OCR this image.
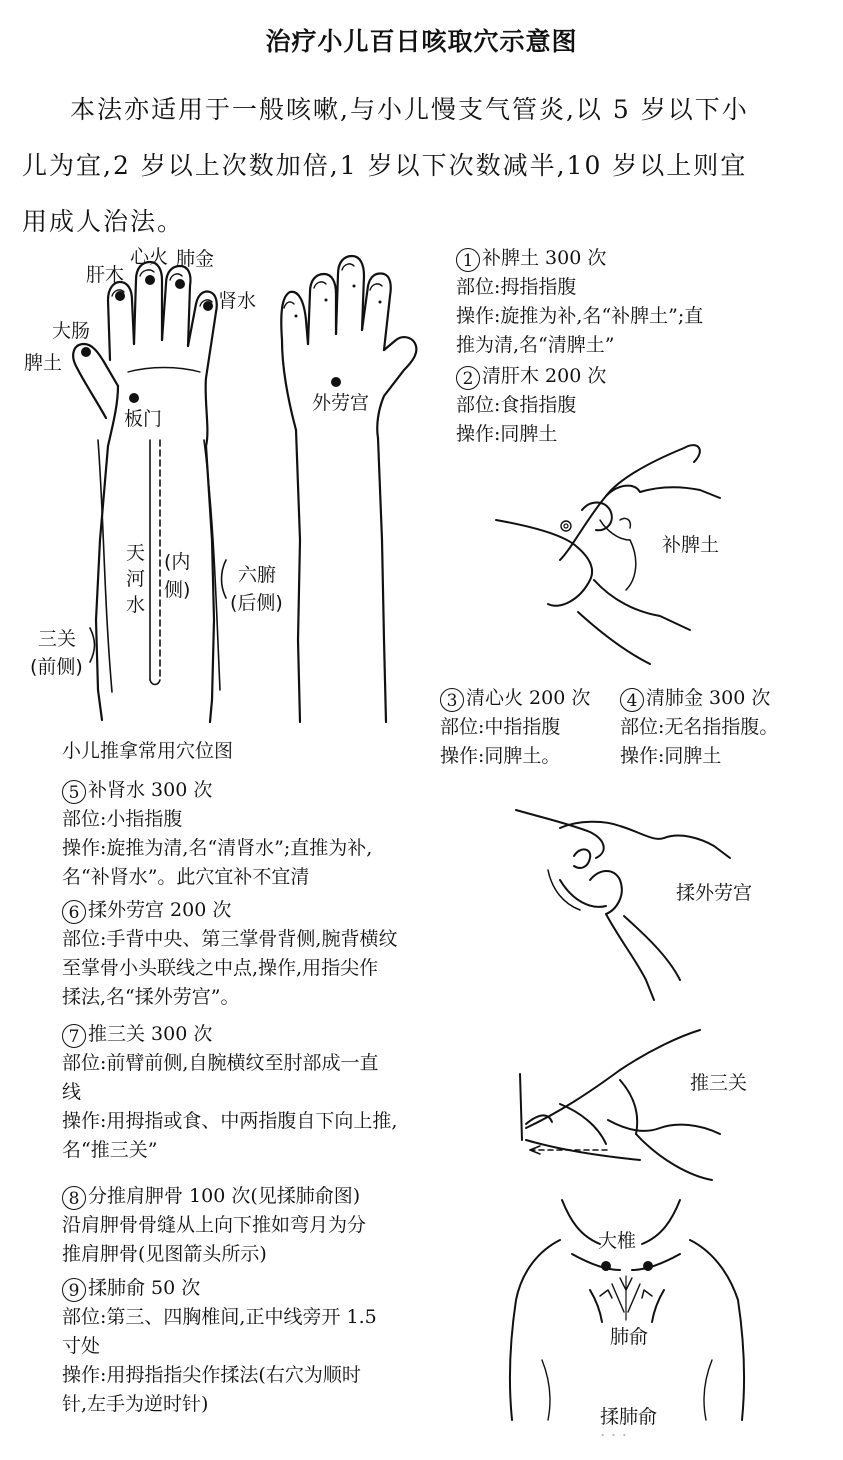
治疗小儿百日咳取穴示意图
本法亦适用于一般咳嗽,与小儿慢支气管炎,以 5 岁以下小
儿为宜,2 岁以上次数加倍,1 岁以下次数减半,10 岁以上则宜
用成人治法。
心火 肺金
肝木
肾水
大肠
脾土
板门
外劳宫
天
河
水
(内
侧)
六腑
(后侧)
三关
(前侧)
小儿推拿常用穴位图
补脾土
揉外劳宫
推三关
大椎
肺俞
揉肺俞
· · ·
1 补脾土 300 次
部位:拇指指腹
操作:旋推为补,名“补脾土”;直
推为清,名“清脾土”
2 清肝木 200 次
部位:食指指腹
操作:同脾土
3 清心火 200 次
部位:中指指腹
操作:同脾土。
4 清肺金 300 次
部位:无名指指腹。
操作:同脾土
5 补肾水 300 次
部位:小指指腹
操作:旋推为清,名“清肾水”;直推为补,
名“补肾水”。此穴宜补不宜清
6 揉外劳宫 200 次
部位:手背中央、第三掌骨背侧,腕背横纹
至掌骨小头联线之中点,操作,用指尖作
揉法,名“揉外劳宫”。
7 推三关 300 次
部位:前臂前侧,自腕横纹至肘部成一直
线
操作:用拇指或食、中两指腹自下向上推,
名“推三关”
8 分推肩胛骨 100 次(见揉肺俞图)
沿肩胛骨骨缝从上向下推如弯月为分
推肩胛骨(见图箭头所示)
9 揉肺俞 50 次
部位:第三、四胸椎间,正中线旁开 1.5
寸处
操作:用拇指指尖作揉法(右穴为顺时
针,左手为逆时针)
